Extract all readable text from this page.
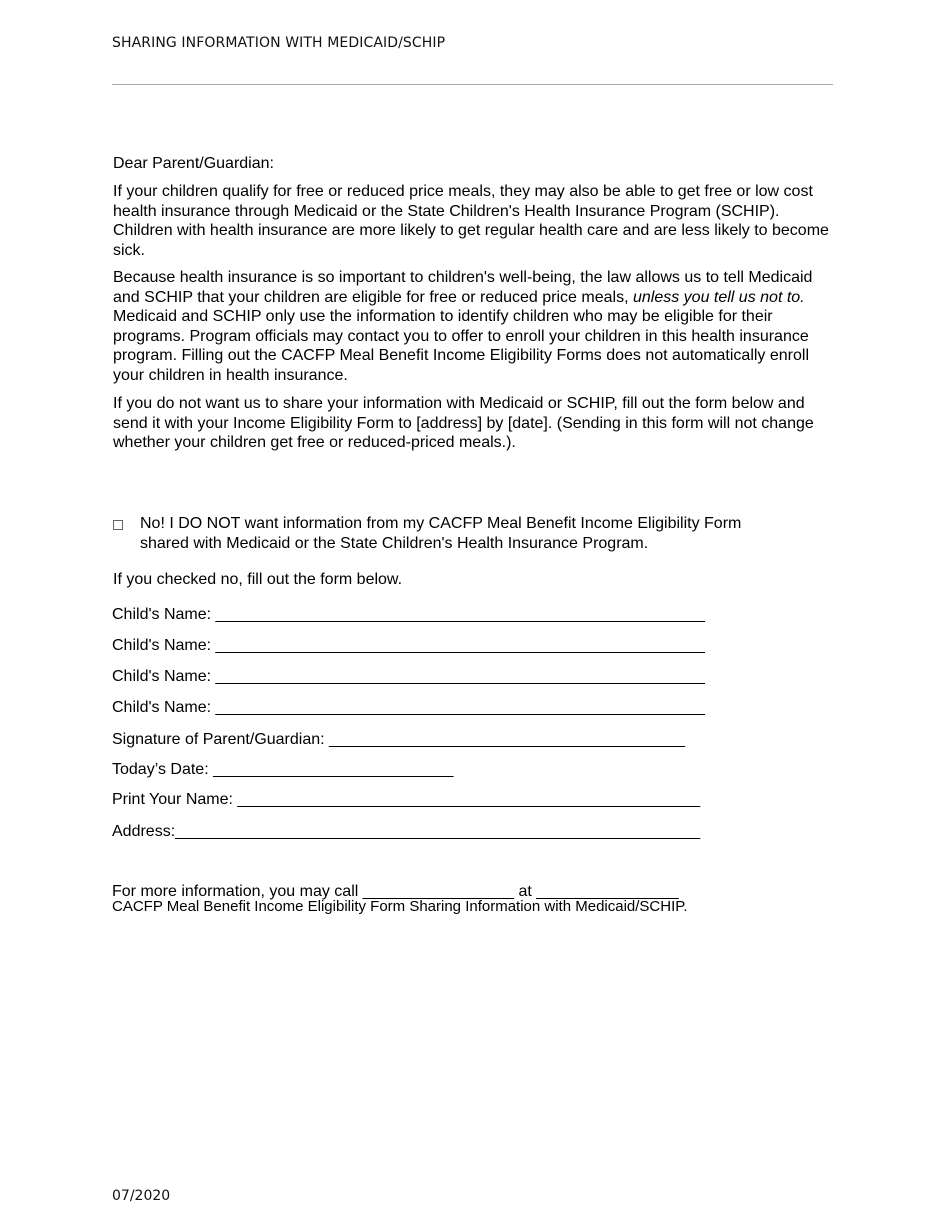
SHARING INFORMATION WITH MEDICAID/SCHIP

Dear Parent/Guardian:

If your children qualify for free or reduced price meals, they may also be able to get free or low cost health insurance through Medicaid or the State Children's Health Insurance Program (SCHIP). Children with health insurance are more likely to get regular health care and are less likely to become sick.

Because health insurance is so important to children's well-being, the law allows us to tell Medicaid and SCHIP that your children are eligible for free or reduced price meals, unless you tell us not to. Medicaid and SCHIP only use the information to identify children who may be eligible for their programs. Program officials may contact you to offer to enroll your children in this health insurance program. Filling out the CACFP Meal Benefit Income Eligibility Forms does not automatically enroll your children in health insurance.

If you do not want us to share your information with Medicaid or SCHIP, fill out the form below and send it with your Income Eligibility Form to [address] by [date]. (Sending in this form will not change whether your children get free or reduced-priced meals.).

No! I DO NOT want information from my CACFP Meal Benefit Income Eligibility Form shared with Medicaid or the State Children's Health Insurance Program.

If you checked no, fill out the form below.

Child's Name: _______________________________________________________
Child's Name: _______________________________________________________
Child's Name: _______________________________________________________
Child's Name: _______________________________________________________
Signature of Parent/Guardian: ________________________________________
Today’s Date: ___________________________
Print Your Name: ____________________________________________________
Address:___________________________________________________________
For more information, you may call _________________ at ________________
CACFP Meal Benefit Income Eligibility Form Sharing Information with Medicaid/SCHIP.
07/2020
